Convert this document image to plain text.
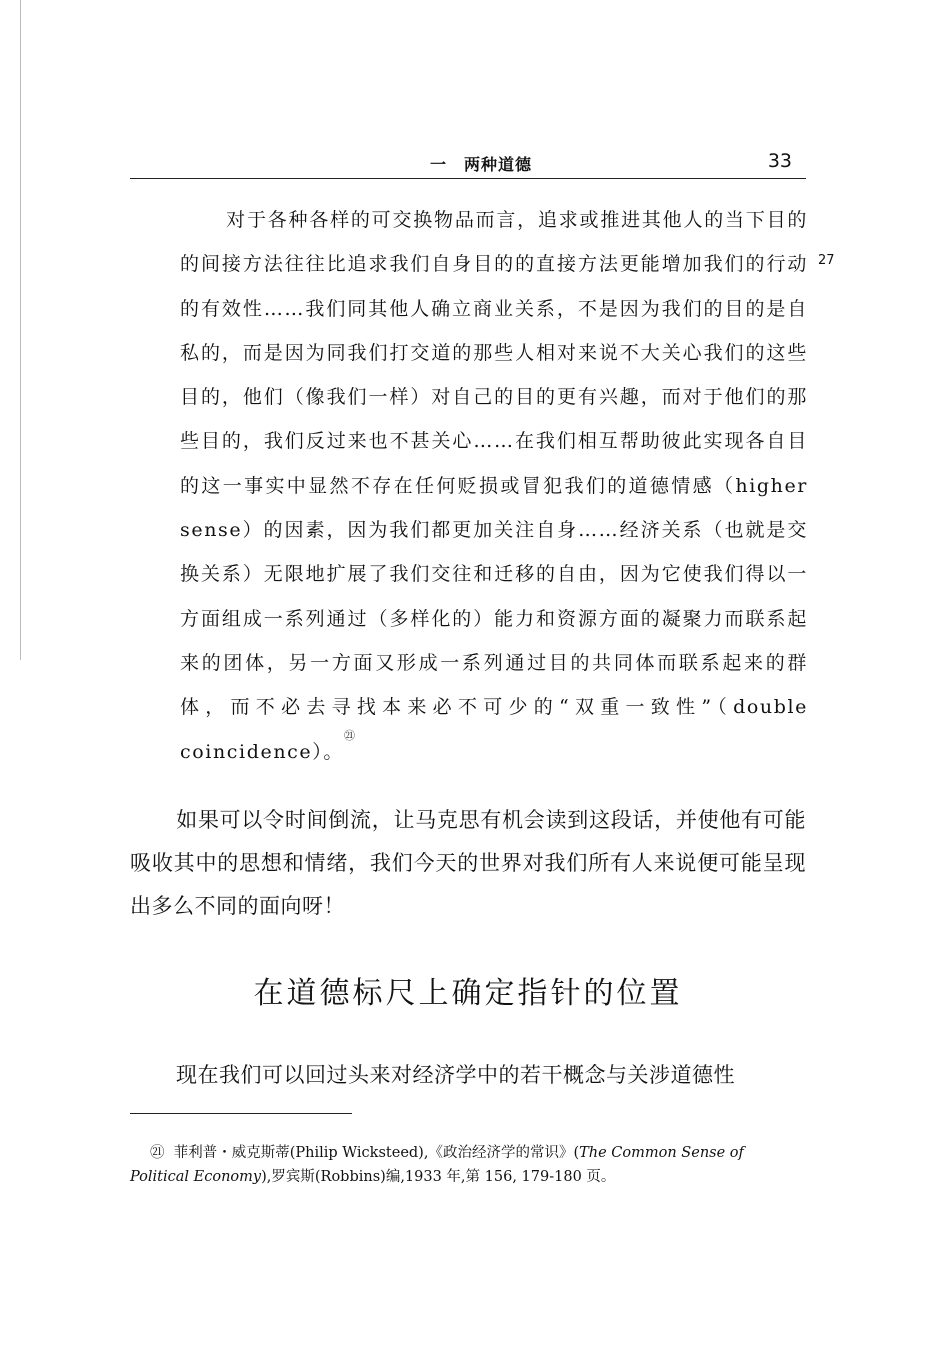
一　两种道德	33
27

对于各种各样的可交换物品而言，追求或推进其他人的当下目的的间接方法往往比追求我们自身目的的直接方法更能增加我们的行动的有效性……我们同其他人确立商业关系，不是因为我们的目的是自私的，而是因为同我们打交道的那些人相对来说不大关心我们的这些目的，他们（像我们一样）对自己的目的更有兴趣，而对于他们的那些目的，我们反过来也不甚关心……在我们相互帮助彼此实现各自目的这一事实中显然不存在任何贬损或冒犯我们的道德情感（higher sense）的因素，因为我们都更加关注自身……经济关系（也就是交换关系）无限地扩展了我们交往和迁移的自由，因为它使我们得以一方面组成一系列通过（多样化的）能力和资源方面的凝聚力而联系起来的团体，另一方面又形成一系列通过目的共同体而联系起来的群体，而不必去寻找本来必不可少的“双重一致性”（double coincidence）。$^㉑$

如果可以令时间倒流，让马克思有机会读到这段话，并使他有可能吸收其中的思想和情绪，我们今天的世界对我们所有人来说便可能呈现出多么不同的面向呀！

在道德标尺上确定指针的位置

现在我们可以回过头来对经济学中的若干概念与关涉道德性

㉑ 菲利普・威克斯蒂(Philip Wicksteed),《政治经济学的常识》(The Common Sense of Political Economy),罗宾斯(Robbins)编,1933 年,第 156, 179-180 页。
